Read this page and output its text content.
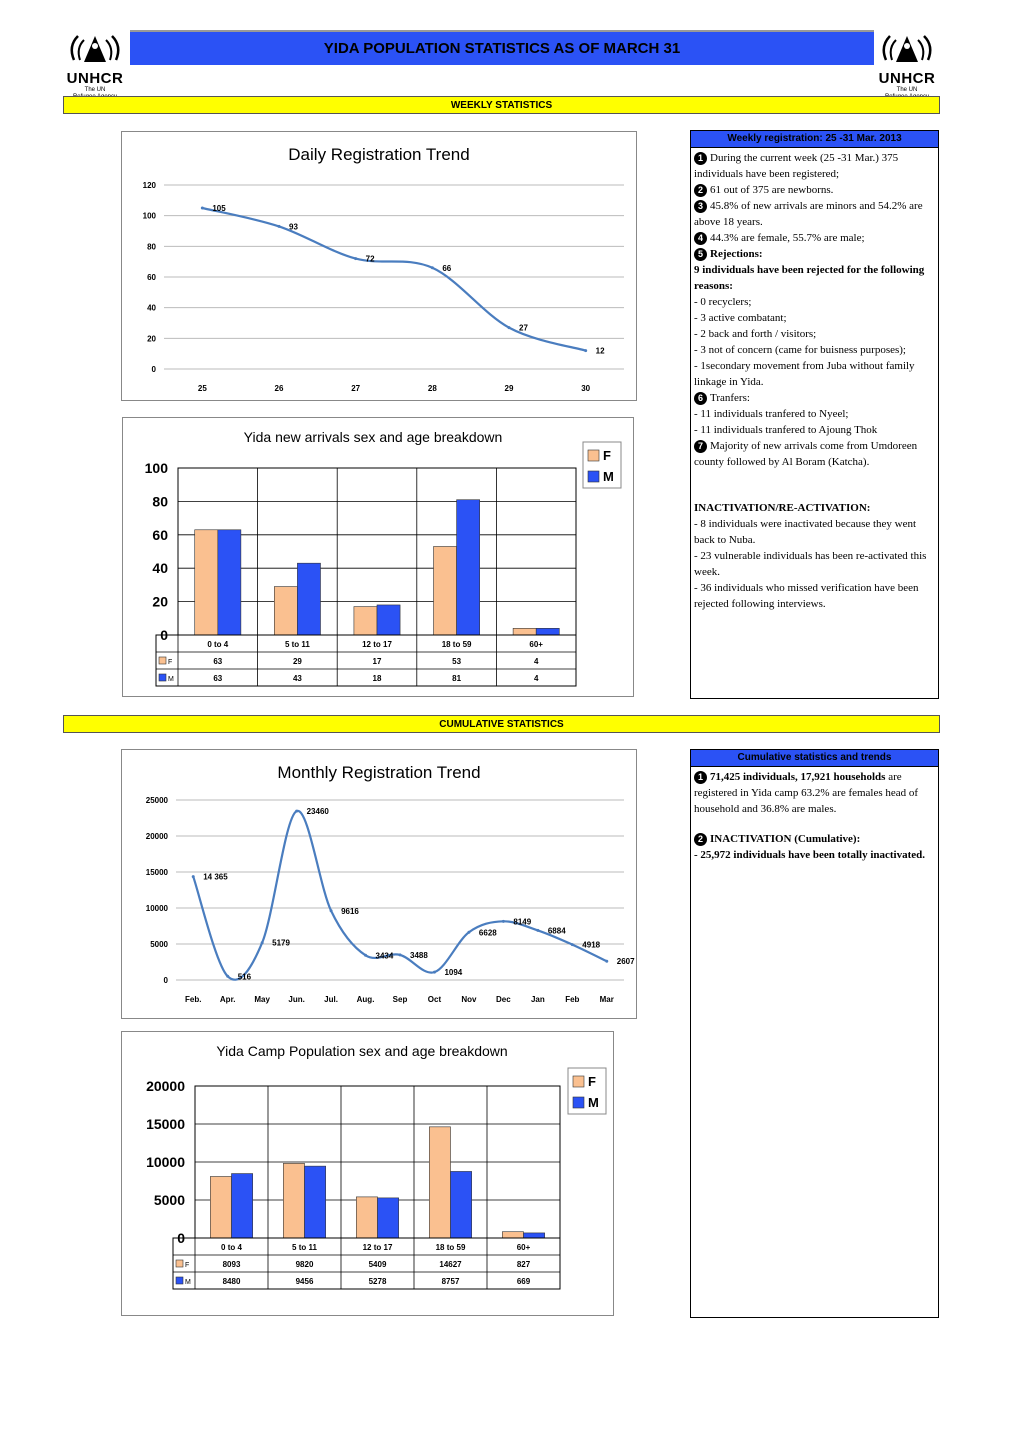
UNHCR
The UN
UNHCR
The UN
YIDA POPULATION STATISTICS AS OF MARCH 31
WEEKLY STATISTICS
CUMULATIVE STATISTICS
Daily Registration Trend
0
20
40
60
80
100
120
25	26	27	28	29	30
105
93
72
66
27
12
Yida new arrivals sex and age breakdown
0
20
40
60
80
100
0 to 4	5 to 11	12 to 17	18 to 59	60+
F	63	29	17	53	4
M	63	43	18	81	4
F
M
Monthly Registration Trend
0
5000
10000
15000
20000
25000
Feb. Apr. May Jun. Jul. Aug. Sep	Oct	Nov Dec	Jan	Feb	Mar
14 365
516
5179
23460
9616
3434 3488
1094
6628
8149
6884
4918
2607
Yida Camp Population sex and age breakdown
0
5000
10000
15000
20000
0 to 4	5 to 11	12 to 17	18 to 59	60+
F	8093	9820	5409	14627	827
M	8480	9456	5278	8757	669
F
M
Weekly registration: 25 -31 Mar. 2013
1 During the current week (25 -31 Mar.) 375 individuals have been registered;
2 61 out of 375 are newborns.
3 45.8% of new arrivals are minors and 54.2% are above 18 years.
4 44.3% are female, 55.7% are male;
5 Rejections:
9 individuals have been rejected for the following reasons:
- 0 recyclers;
- 3 active combatant;
- 2 back and forth / visitors;
- 3 not of concern (came for buisness purposes);
- 1secondary movement from Juba without family linkage in Yida.
6 Tranfers:
- 11 individuals tranfered to Nyeel;
- 11 individuals tranfered to Ajoung Thok
7 Majority of new arrivals come from Umdoreen county followed by Al Boram (Katcha).
INACTIVATION/RE-ACTIVATION:
- 8 individuals were inactivated because they went back to Nuba.
- 23 vulnerable individuals has been re-activated this week.
- 36 individuals who missed verification have been rejected following interviews.
Cumulative statistics and trends
1 71,425 individuals, 17,921 households are registered in Yida camp 63.2% are females head of household and 36.8% are males.
2 INACTIVATION (Cumulative):
- 25,972 individuals have been totally inactivated.
